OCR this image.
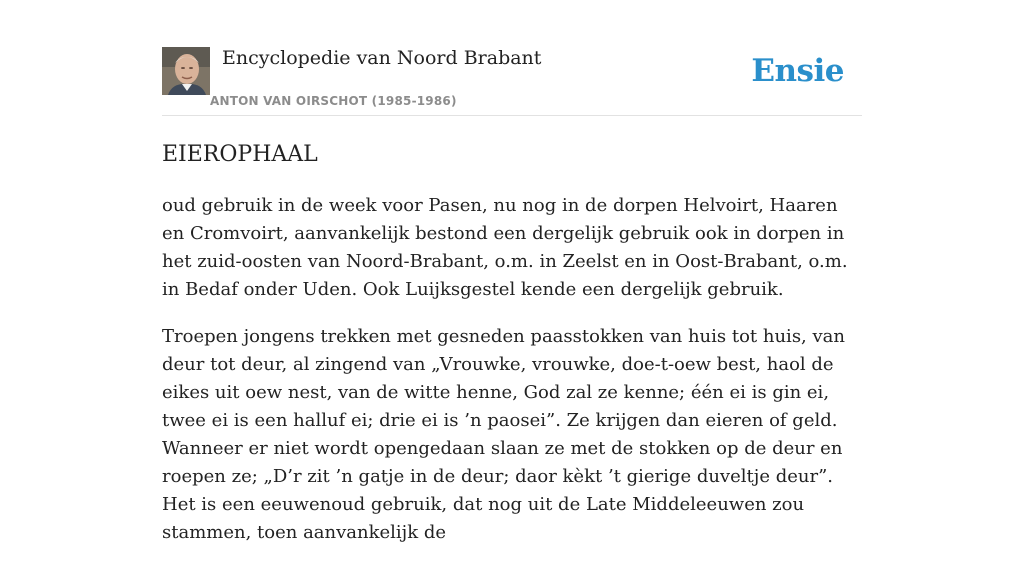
Encyclopedie van Noord Brabant
ANTON VAN OIRSCHOT (1985-1986)
Ensie
EIEROPHAAL

oud gebruik in de week voor Pasen, nu nog in de dorpen Helvoirt, Haaren en Cromvoirt, aanvankelijk bestond een dergelijk gebruik ook in dorpen in het zuid-oosten van Noord-Brabant, o.m. in Zeelst en in Oost-Brabant, o.m. in Bedaf onder Uden. Ook Luijksgestel kende een dergelijk gebruik.

Troepen jongens trekken met gesneden paasstokken van huis tot huis, van deur tot deur, al zingend van „Vrouwke, vrouwke, doe-t-oew best, haol de eikes uit oew nest, van de witte henne, God zal ze kenne; één ei is gin ei, twee ei is een halluf ei; drie ei is ’n paosei”. Ze krijgen dan eieren of geld. Wanneer er niet wordt opengedaan slaan ze met de stokken op de deur en roepen ze; „D’r zit ’n gatje in de deur; daor kèkt ’t gierige duveltje deur”. Het is een eeuwenoud gebruik, dat nog uit de Late Middeleeuwen zou stammen, toen aanvankelijk de
